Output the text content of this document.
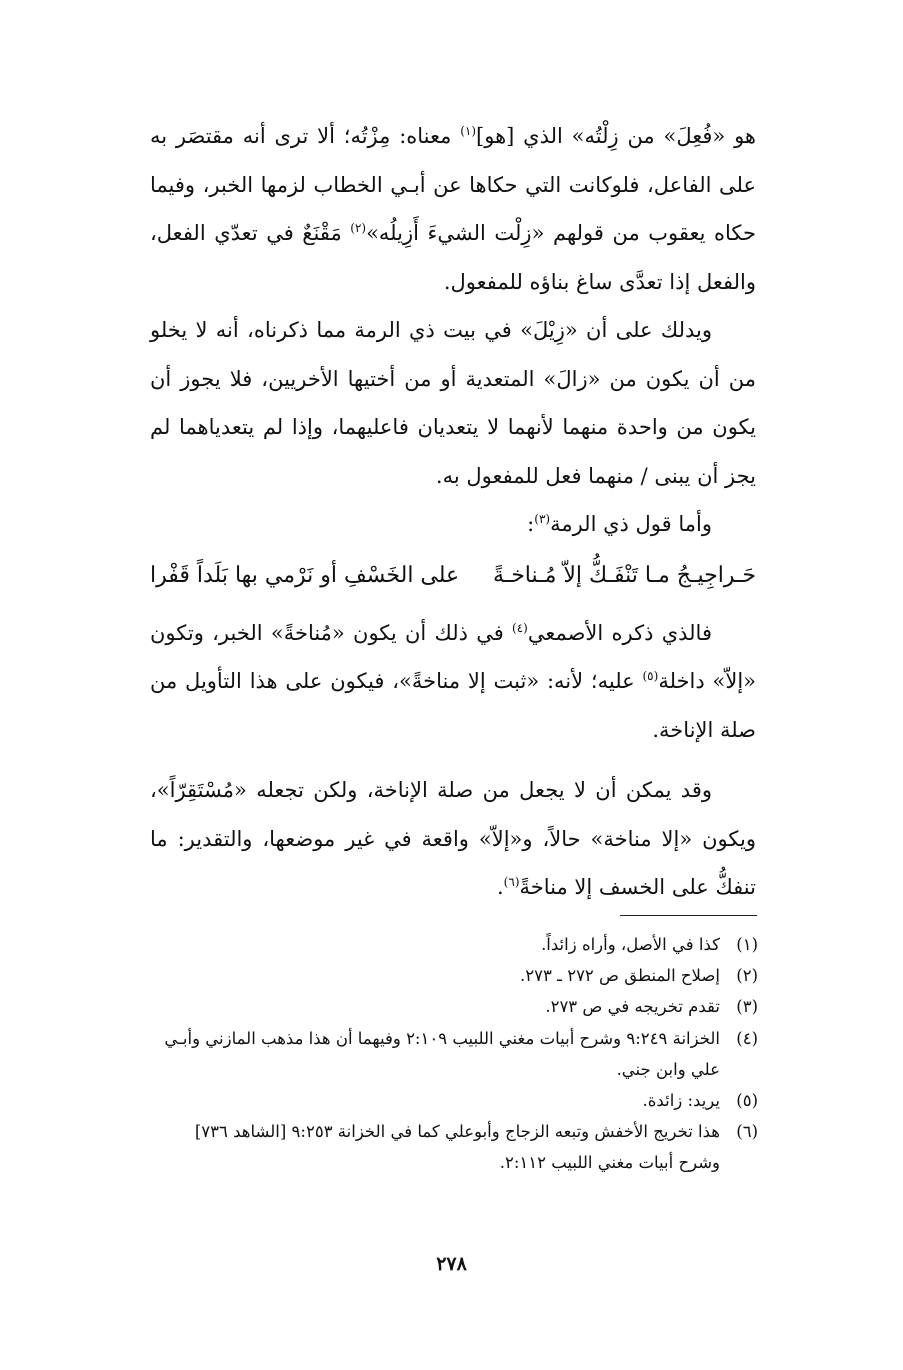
هو «فُعِلَ» من زِلْتُه» الذي [هو]$^{(١)}$ معناه: مِزْتُه؛ ألا ترى أنه مقتصَر به على الفاعل، فلوكانت التي حكاها عن أبـي الخطاب لزمها الخبر، وفيما حكاه يعقوب من قولهم «زِلْت الشيءَ أَزِيلُه»$^{(٢)}$ مَقْنَعٌ في تعدّي الفعل، والفعل إذا تعدَّى ساغ بناؤه للمفعول.

ويدلك على أن «زِيْلَ» في بيت ذي الرمة مما ذكرناه، أنه لا يخلو من أن يكون من «زالَ» المتعدية أو من أختيها الأخريين، فلا يجوز أن يكون من واحدة منهما لأنهما لا يتعديان فاعليهما، وإذا لم يتعدياهما لم يجز أن يبنى / منهما فعل للمفعول به.

وأما قول ذي الرمة$^{(٣)}$:

حَـراجِيـجُ مـا تَنْفَـكُّ إلاّ مُـناخـةً
على الخَسْفِ أو نَرْمي بها بَلَداً قَفْرا

فالذي ذكره الأصمعي$^{(٤)}$ في ذلك أن يكون «مُناخةً» الخبر، وتكون «إلاّ» داخلة$^{(٥)}$ عليه؛ لأنه: «ثبت إلا مناخةً»، فيكون على هذا التأويل من صلة الإناخة.

وقد يمكن أن لا يجعل من صلة الإناخة، ولكن تجعله «مُسْتَقِرّاً»، ويكون «إلا مناخة» حالاً، و«إلاّ» واقعة في غير موضعها، والتقدير: ما تنفكُّ على الخسف إلا مناخةً$^{(٦)}$.

(١)
كذا في الأصل، وأراه زائداً.
(٢)
إصلاح المنطق ص ٢٧٢ ـ ٢٧٣.
(٣)
تقدم تخريجه في ص ٢٧٣.
(٤)
الخزانة ٩:٢٤٩ وشرح أبيات مغني اللبيب ٢:١٠٩ وفيهما أن هذا مذهب المازني وأبـي علي وابن جني.
(٥)
يريد: زائدة.
(٦)
هذا تخريج الأخفش وتبعه الزجاج وأبوعلي كما في الخزانة ٩:٢٥٣ [الشاهد ٧٣٦] وشرح أبيات مغني اللبيب ٢:١١٢.
٢٧٨
